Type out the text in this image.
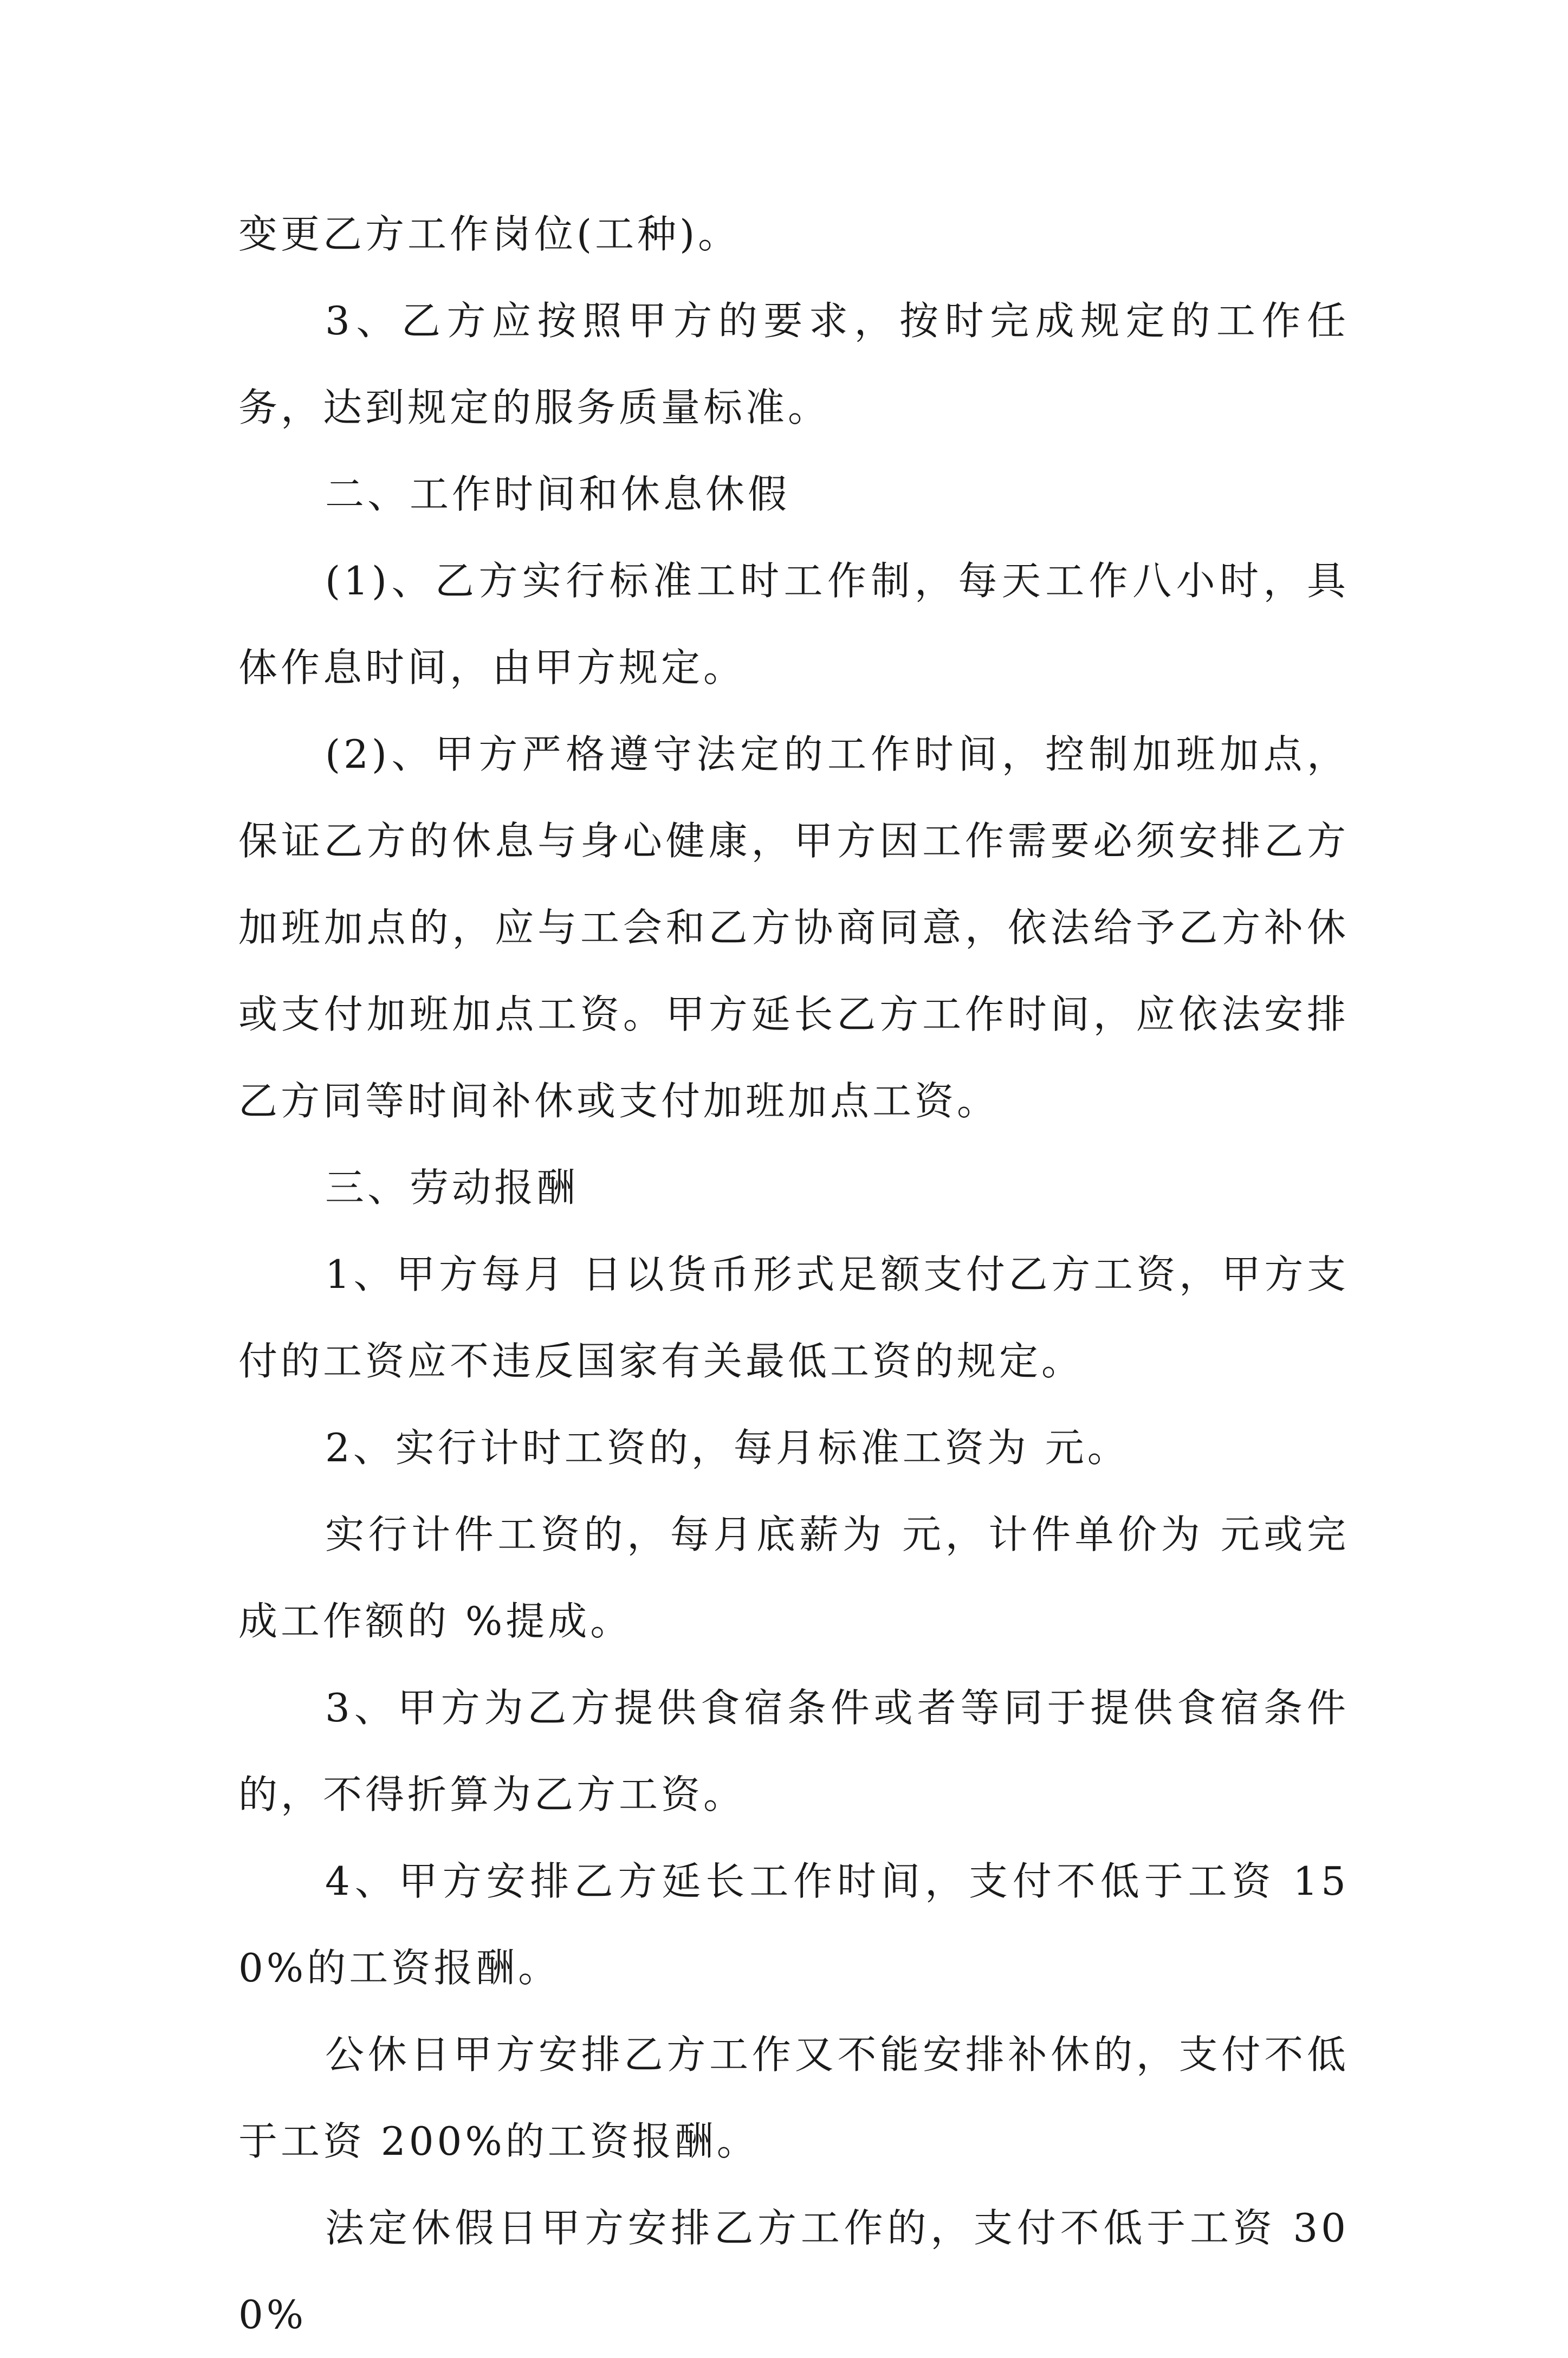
变更乙方工作岗位(工种)。

3、乙方应按照甲方的要求，按时完成规定的工作任务，达到规定的服务质量标准。

二、工作时间和休息休假

(1)、乙方实行标准工时工作制，每天工作八小时，具体作息时间，由甲方规定。

(2)、甲方严格遵守法定的工作时间，控制加班加点，保证乙方的休息与身心健康，甲方因工作需要必须安排乙方加班加点的，应与工会和乙方协商同意，依法给予乙方补休或支付加班加点工资。甲方延长乙方工作时间，应依法安排乙方同等时间补休或支付加班加点工资。

三、劳动报酬

1、甲方每月 日以货币形式足额支付乙方工资，甲方支付的工资应不违反国家有关最低工资的规定。

2、实行计时工资的，每月标准工资为 元。

实行计件工资的，每月底薪为 元，计件单价为 元或完成工作额的 %提成。

3、甲方为乙方提供食宿条件或者等同于提供食宿条件的，不得折算为乙方工资。

4、甲方安排乙方延长工作时间，支付不低于工资 150%的工资报酬。

公休日甲方安排乙方工作又不能安排补休的，支付不低于工资 200%的工资报酬。

法定休假日甲方安排乙方工作的，支付不低于工资 300%
